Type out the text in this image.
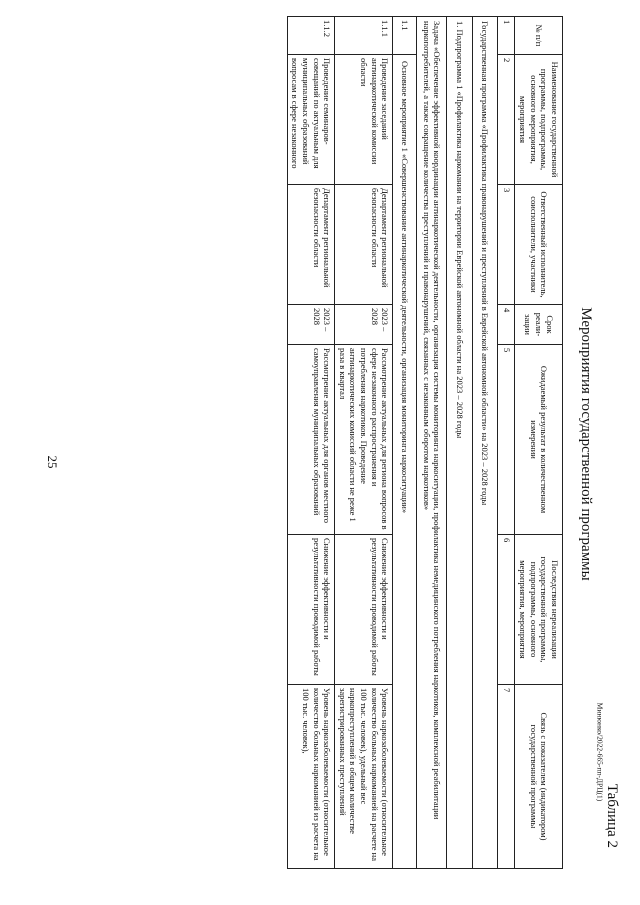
25
Минюнко/2022-665-пп-ДРЦ(1)
Таблица 2
Мероприятия государственной программы
№ п/п	Наименование государственной программы, подпрограммы, основного мероприятия, мероприятия	Ответственный исполнитель, соисполнители, участники	Срок реали-зации	Ожидаемый результат в количественном измерении	Последствия нереализации государственной программы, подпрограммы, основного мероприятия, мероприятия	Связь с показателем (индикатором) государственной программы
1	2	3	4	5	6	7
Государственная программа «Профилактика правонарушений и преступлений в Еврейской автономной области» на 2023 – 2028 годы						
1. Подпрограмма 1 «Профилактика наркомании на территории Еврейской автономной области на 2023 – 2028 годы						
Задача «Обеспечение эффективной координации антинаркотической деятельности, организация системы мониторинга наркоситуации, профилактика немедицинского потребления наркотиков, комплексной реабилитации наркопотребителей, а также сокращение количества преступлений и правонарушений, связанных с незаконным оборотом наркотиков»						
1.1	Основное мероприятие 1 «Совершенствование антинаркотической деятельности, организация мониторинга наркоситуации»					
1.1.1	Проведение заседаний антинаркотической комиссии области	Департамент региональной безопасности области	2023 – 2028	Рассмотрение актуальных для региона вопросов в сфере незаконного распространения и потребления наркотиков. Проведение антинаркотических комиссий области не реже 1 раза в квартал	Снижение эффективности и результативности проводимой работы	Уровень наркозаболеваемости (относительное количество больных наркоманией на расчете на 100 тыс. человек), удельный вес наркопреступлений в общем количестве зарегистрированных преступлений
1.1.2	Проведение семинаров-совещаний по актуальным для муниципальных образований вопросам в сфере незаконного	Департамент региональной безопасности области	2023 – 2028	Рассмотрение актуальных для органов местного самоуправления муниципальных образований	Снижение эффективности и результативности проводимой работы	Уровень наркозаболеваемости (относительное количество больных наркоманией из расчета на 100 тыс. человек),
